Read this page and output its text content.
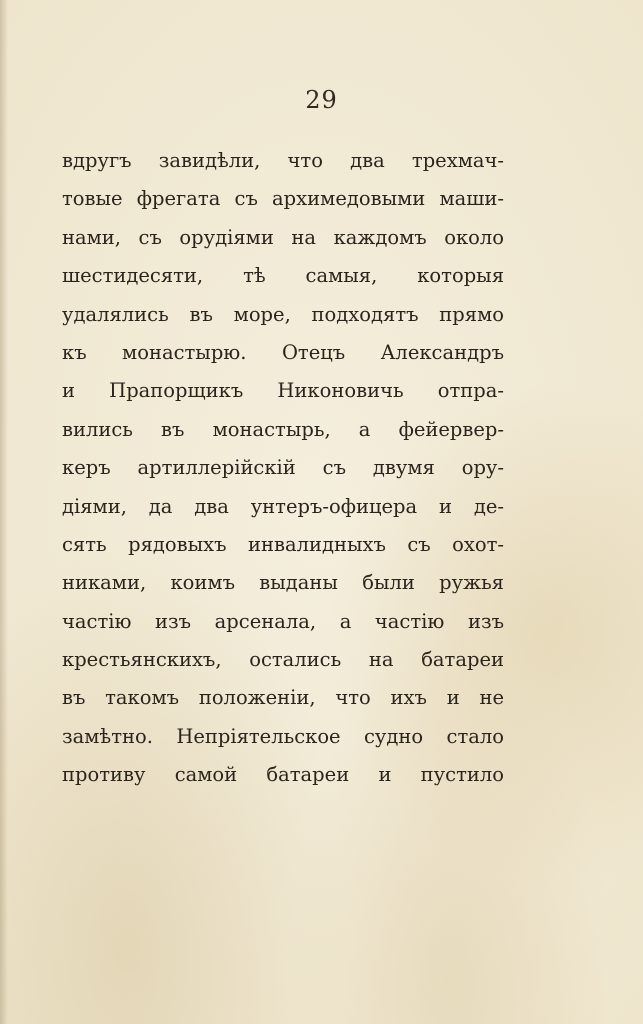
29
вдругъ завидѣли, что два трехмач-
товые фрегата съ архимедовыми маши-
нами, съ орудіями на каждомъ около
шестидесяти, тѣ самыя, которыя
удалялись въ море, подходятъ прямо
къ монастырю. Отецъ Александръ
и Прапорщикъ Никоновичь отпра-
вились въ монастырь, а фейервер-
керъ артиллерійскій съ двумя ору-
діями, да два унтеръ-офицера и де-
сять рядовыхъ инвалидныхъ съ охот-
никами, коимъ выданы были ружья
частію изъ арсенала, а частію изъ
крестьянскихъ, остались на батареи
въ такомъ положеніи, что ихъ и не
замѣтно. Непріятельское судно стало
противу самой батареи и пустило
